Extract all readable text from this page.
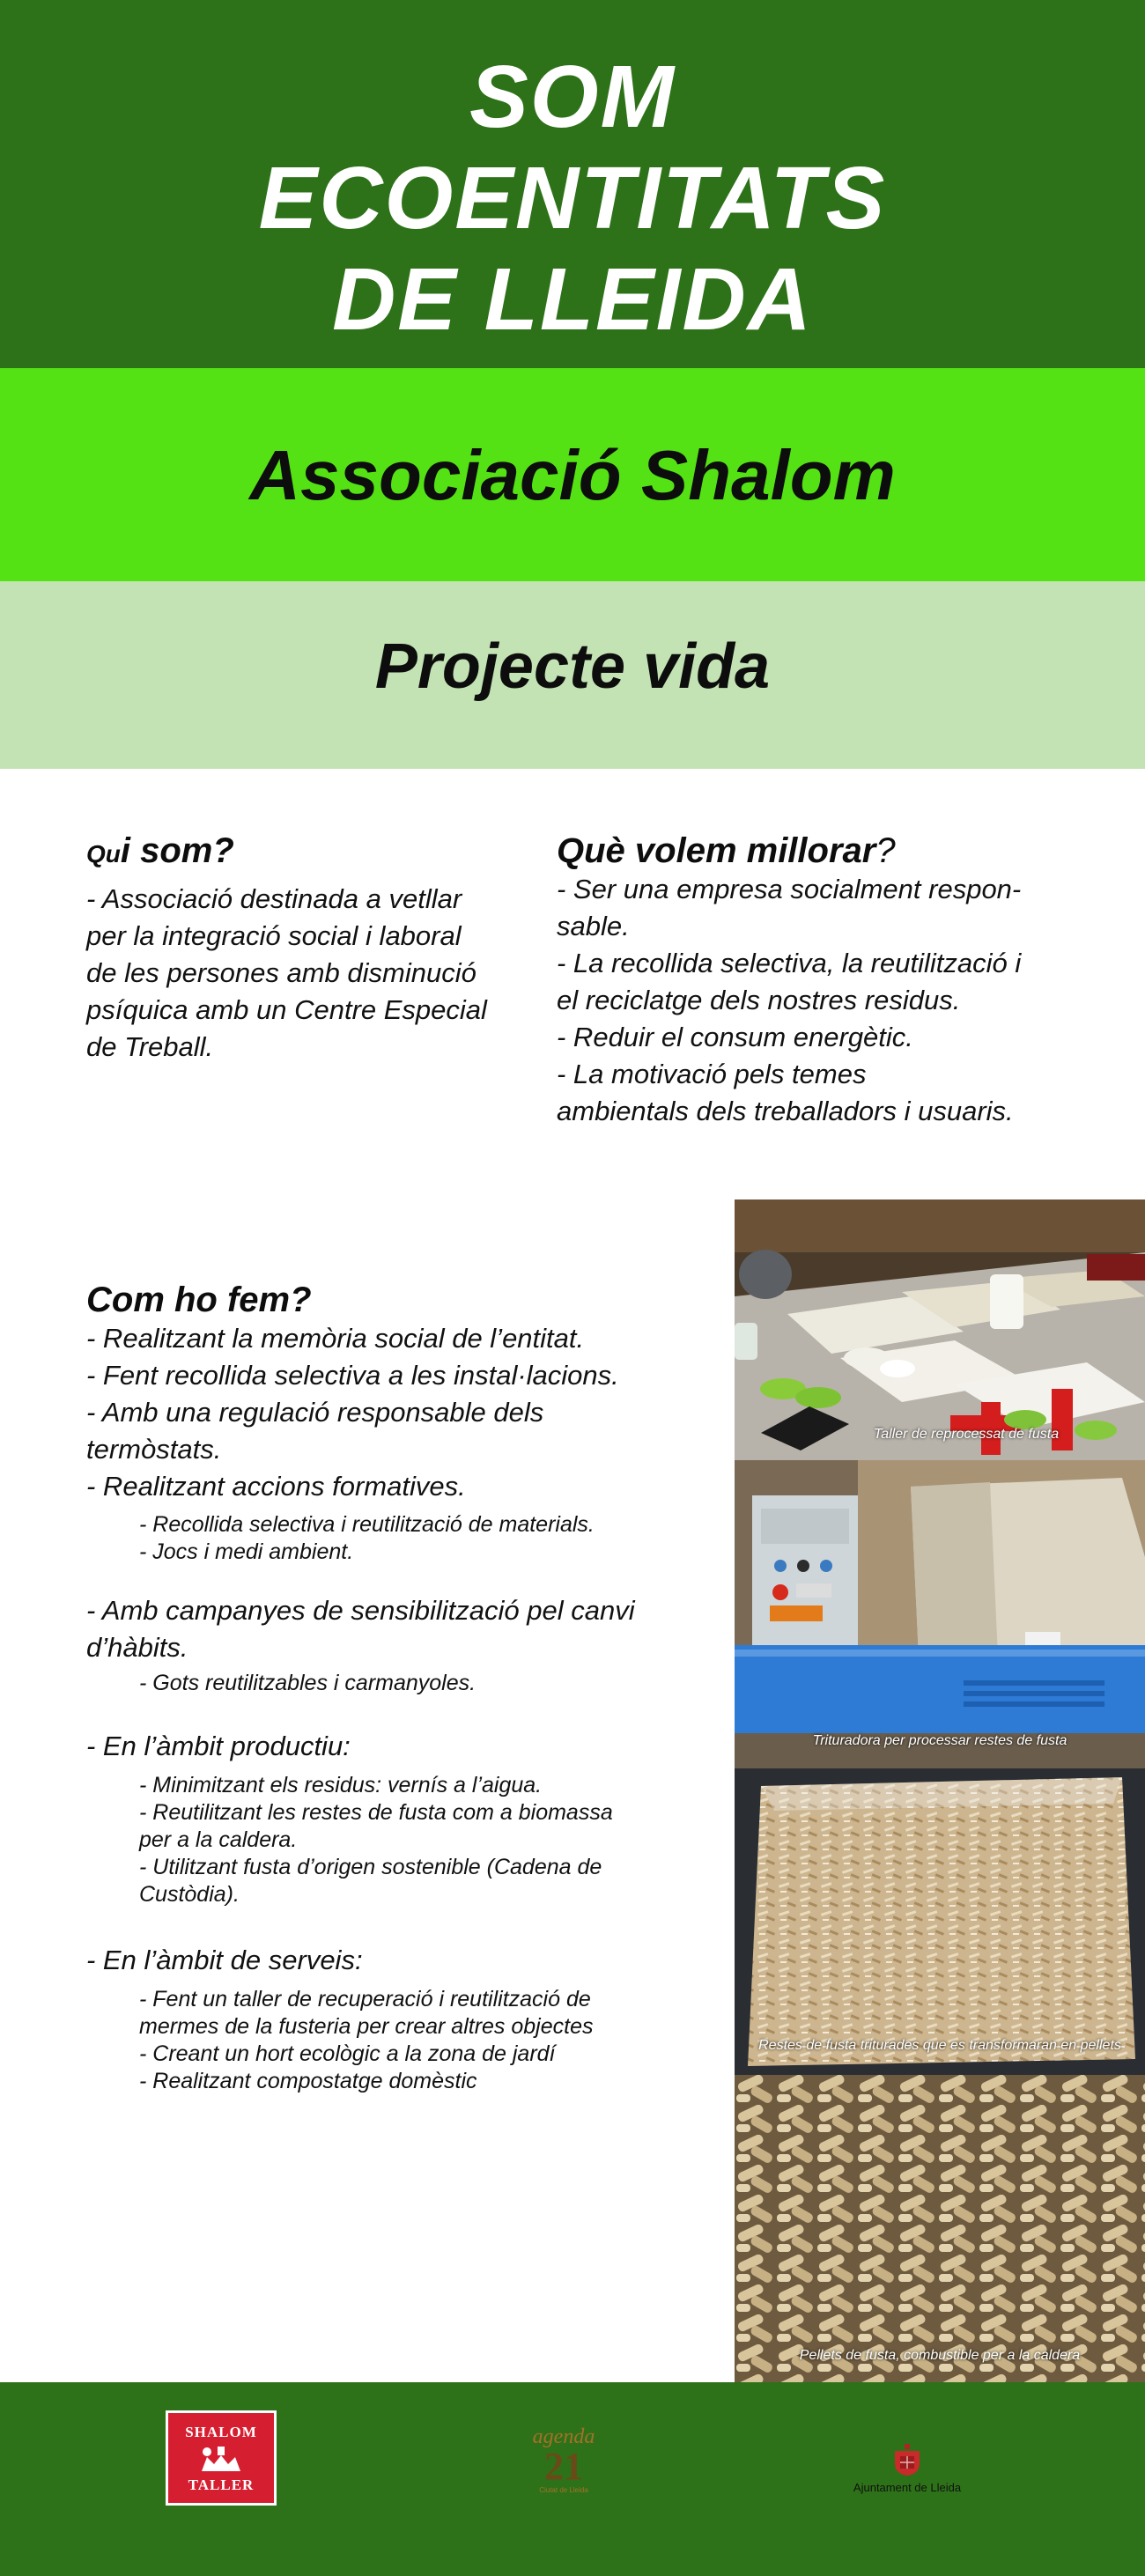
SOM
ECOENTITATS
DE LLEIDA
Associació Shalom
Projecte vida
Qui som?
- Associació destinada a vetllar
per la integració social i laboral
de les persones amb disminució
psíquica amb un Centre Especial
de Treball.
Què volem millorar?
- Ser una empresa socialment respon-
sable.
- La recollida selectiva, la reutilització i
el reciclatge dels nostres residus.
- Reduir el consum energètic.
- La motivació pels temes
ambientals dels treballadors i usuaris.
Com ho fem?
- Realitzant la memòria social de l’entitat.
- Fent recollida selectiva a les instal·lacions.
- Amb una regulació responsable dels
termòstats.
- Realitzant accions formatives.
- Recollida selectiva i reutilització de materials.
- Jocs i medi ambient.
- Amb campanyes de sensibilització pel canvi
d’hàbits.
- Gots reutilitzables i carmanyoles.
- En l’àmbit productiu:
- Minimitzant els residus: vernís a l’aigua.
- Reutilitzant les restes de fusta com a biomassa
per a la caldera.
- Utilitzant fusta d’origen sostenible (Cadena de
Custòdia).
- En l’àmbit de serveis:
- Fent un taller de recuperació i reutilització de
mermes de la fusteria per crear altres objectes
- Creant un hort ecològic a la zona de jardí
- Realitzant compostatge domèstic
Taller de reprocessat de fusta
Trituradora per processar restes de fusta
Restes de fusta triturades que es transformaran en pellets
Pellets de fusta, combustible per a la caldera
SHALOM
TALLER
agenda
21
Ciutat de Lleida	Ajuntament de Lleida
